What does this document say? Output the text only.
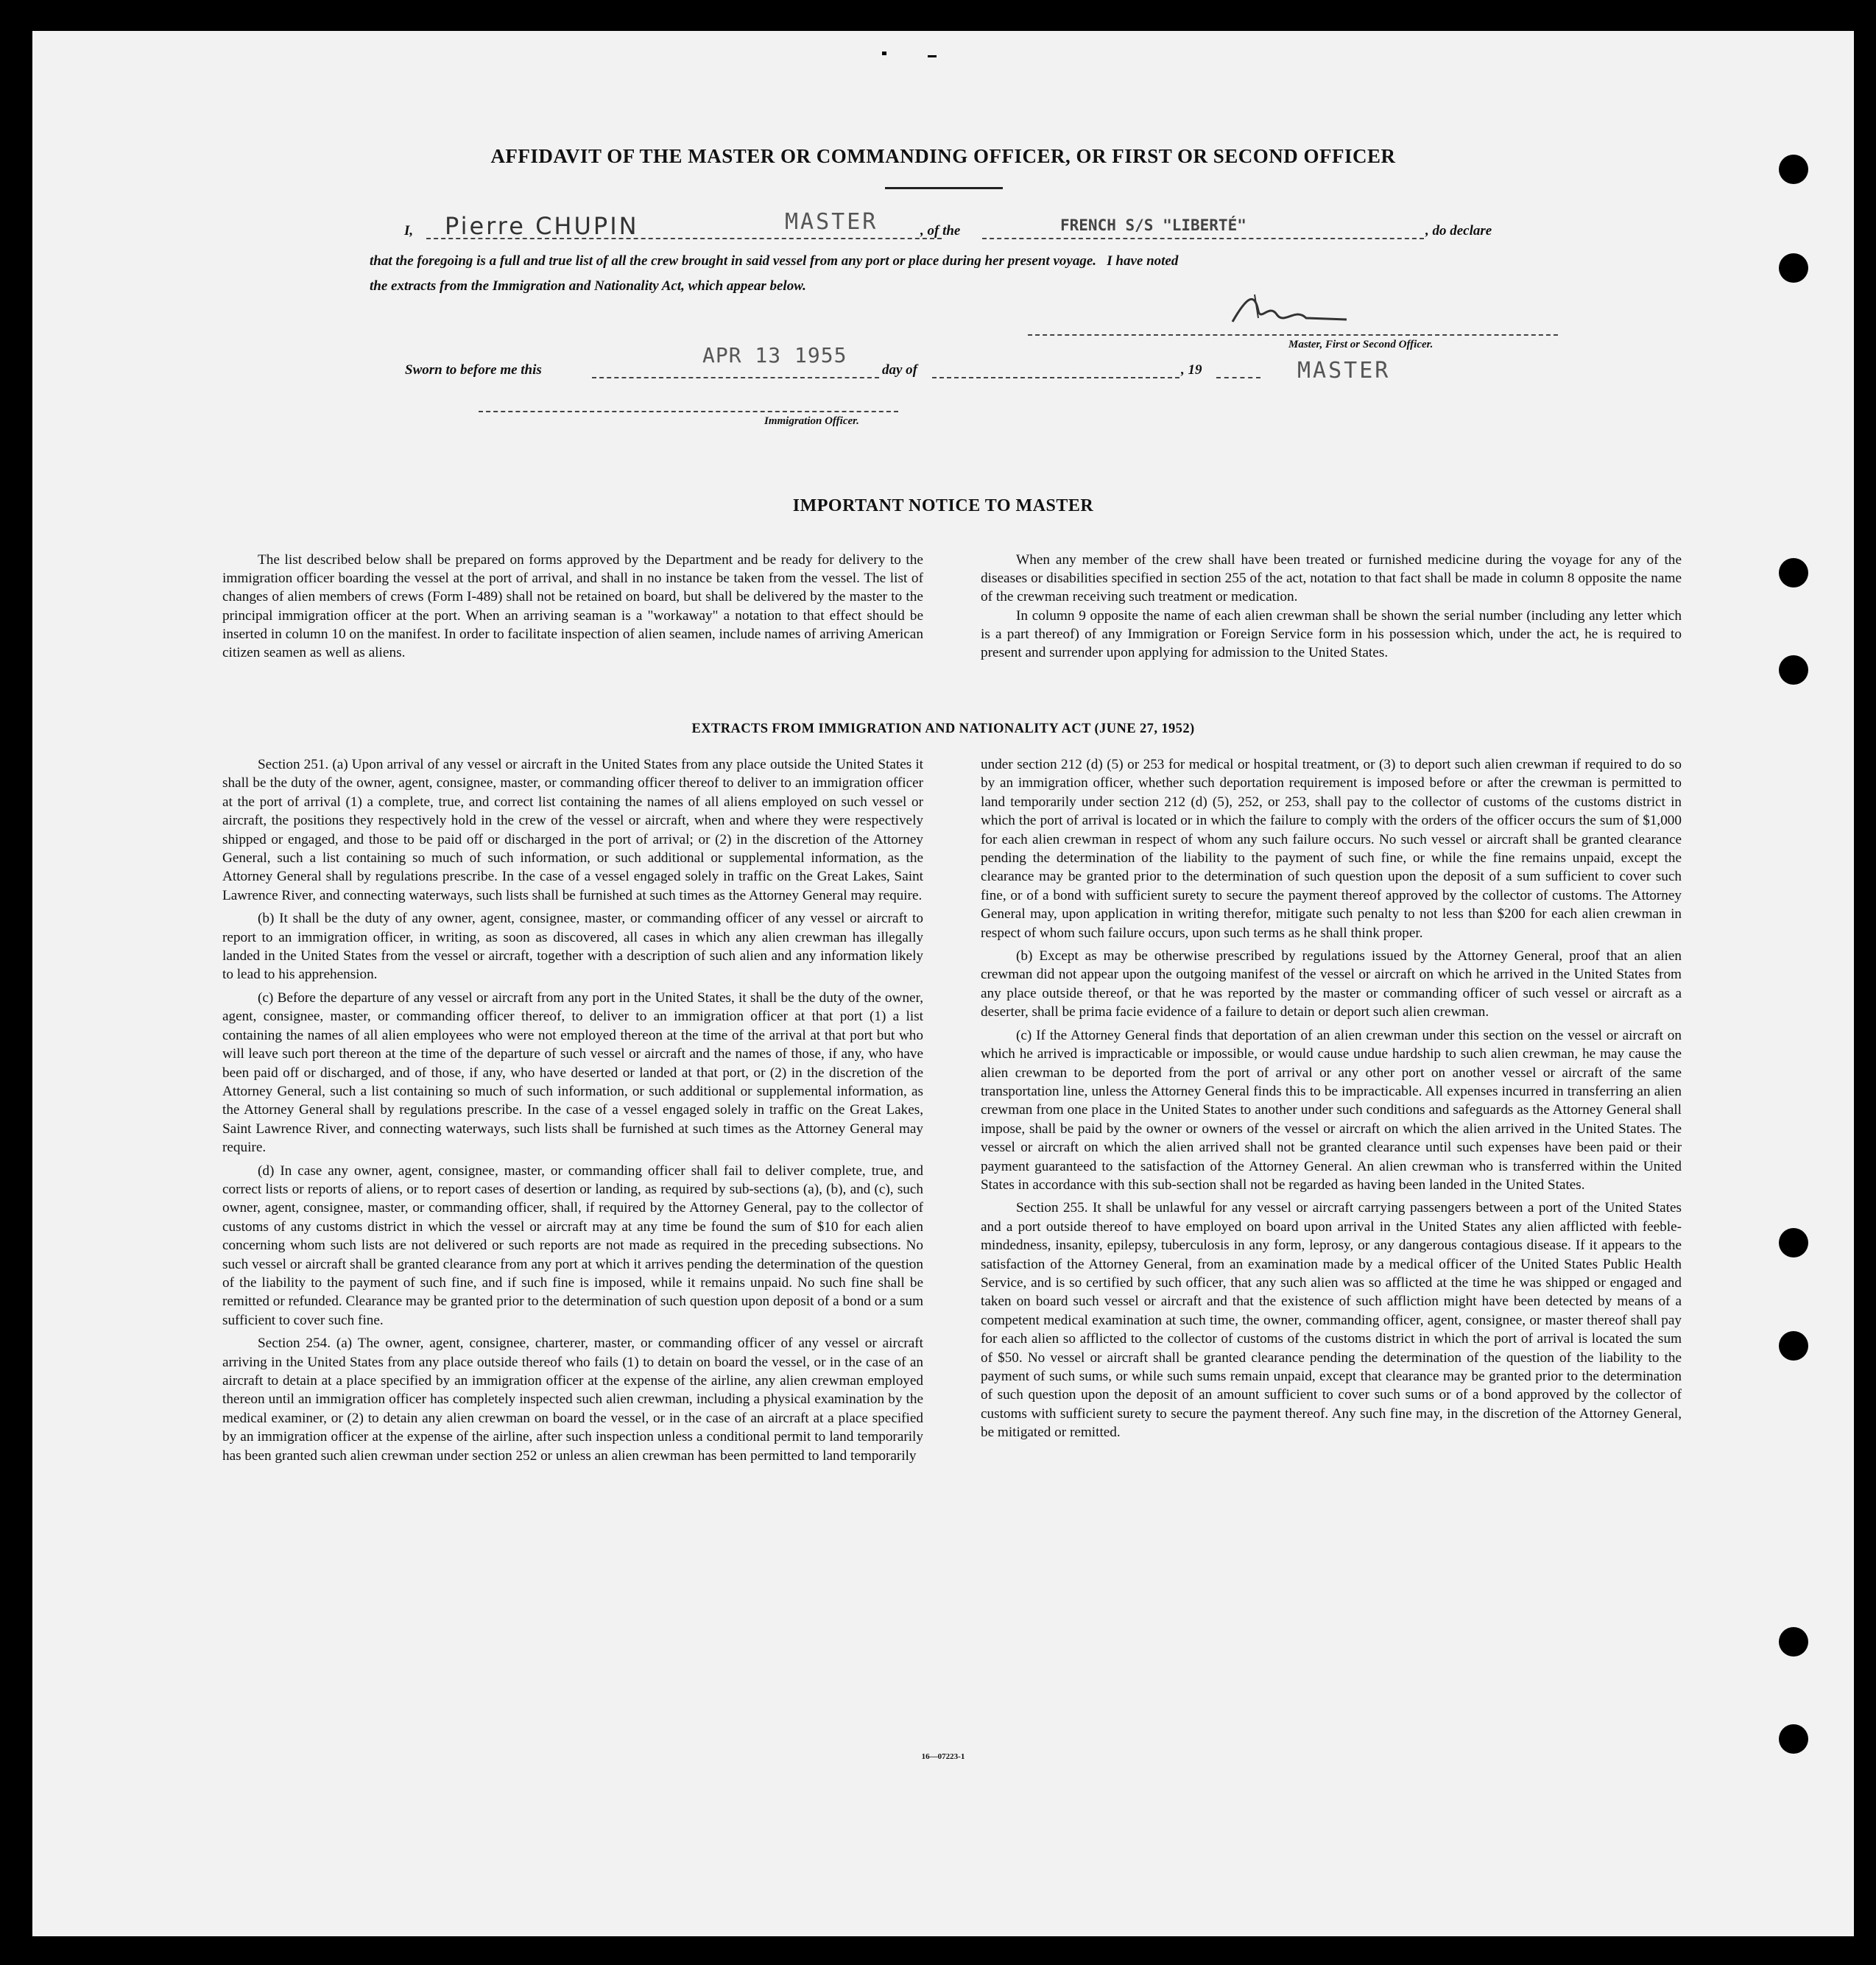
AFFIDAVIT OF THE MASTER OR COMMANDING OFFICER, OR FIRST OR SECOND OFFICER
I, Pierre CHUPIN	MASTER	, of the	FRENCH S/S "LIBERTÉ"	, do declare
that the foregoing is a full and true list of all the crew brought in said vessel from any port or place during her present voyage.   I have noted
the extracts from the Immigration and Nationality Act, which appear below.
Master, First or Second Officer.
Sworn to before me this
APR 13 1955
day of	, 19	MASTER
Immigration Officer.
IMPORTANT NOTICE TO MASTER

The list described below shall be prepared on forms approved by the Department and be ready for delivery to the immigration officer boarding the vessel at the port of arrival, and shall in no instance be taken from the vessel. The list of changes of alien members of crews (Form I-489) shall not be retained on board, but shall be delivered by the master to the principal immigration officer at the port. When an arriving seaman is a "workaway" a notation to that effect should be inserted in column 10 on the manifest. In order to facilitate inspection of alien seamen, include names of arriving American citizen seamen as well as aliens.

When any member of the crew shall have been treated or furnished medicine during the voyage for any of the diseases or disabilities specified in section 255 of the act, notation to that fact shall be made in column 8 opposite the name of the crewman receiving such treatment or medication.

In column 9 opposite the name of each alien crewman shall be shown the serial number (including any letter which is a part thereof) of any Immigration or Foreign Service form in his possession which, under the act, he is required to present and surrender upon applying for admission to the United States.

EXTRACTS FROM IMMIGRATION AND NATIONALITY ACT (JUNE 27, 1952)

Section 251. (a) Upon arrival of any vessel or aircraft in the United States from any place outside the United States it shall be the duty of the owner, agent, consignee, master, or commanding officer thereof to deliver to an immigration officer at the port of arrival (1) a complete, true, and correct list containing the names of all aliens employed on such vessel or aircraft, the positions they respectively hold in the crew of the vessel or aircraft, when and where they were respectively shipped or engaged, and those to be paid off or discharged in the port of arrival; or (2) in the discretion of the Attorney General, such a list containing so much of such information, or such additional or supplemental information, as the Attorney General shall by regulations prescribe. In the case of a vessel engaged solely in traffic on the Great Lakes, Saint Lawrence River, and connecting waterways, such lists shall be furnished at such times as the Attorney General may require.

(b) It shall be the duty of any owner, agent, consignee, master, or commanding officer of any vessel or aircraft to report to an immigration officer, in writing, as soon as discovered, all cases in which any alien crewman has illegally landed in the United States from the vessel or aircraft, together with a description of such alien and any information likely to lead to his apprehension.

(c) Before the departure of any vessel or aircraft from any port in the United States, it shall be the duty of the owner, agent, consignee, master, or commanding officer thereof, to deliver to an immigration officer at that port (1) a list containing the names of all alien employees who were not employed thereon at the time of the arrival at that port but who will leave such port thereon at the time of the departure of such vessel or aircraft and the names of those, if any, who have been paid off or discharged, and of those, if any, who have deserted or landed at that port, or (2) in the discretion of the Attorney General, such a list containing so much of such information, or such additional or supplemental information, as the Attorney General shall by regulations prescribe. In the case of a vessel engaged solely in traffic on the Great Lakes, Saint Lawrence River, and connecting waterways, such lists shall be furnished at such times as the Attorney General may require.

(d) In case any owner, agent, consignee, master, or commanding officer shall fail to deliver complete, true, and correct lists or reports of aliens, or to report cases of desertion or landing, as required by sub-sections (a), (b), and (c), such owner, agent, consignee, master, or commanding officer, shall, if required by the Attorney General, pay to the collector of customs of any customs district in which the vessel or aircraft may at any time be found the sum of $10 for each alien concerning whom such lists are not delivered or such reports are not made as required in the preceding subsections. No such vessel or aircraft shall be granted clearance from any port at which it arrives pending the determination of the question of the liability to the payment of such fine, and if such fine is imposed, while it remains unpaid. No such fine shall be remitted or refunded. Clearance may be granted prior to the determination of such question upon deposit of a bond or a sum sufficient to cover such fine.

Section 254. (a) The owner, agent, consignee, charterer, master, or commanding officer of any vessel or aircraft arriving in the United States from any place outside thereof who fails (1) to detain on board the vessel, or in the case of an aircraft to detain at a place specified by an immigration officer at the expense of the airline, any alien crewman employed thereon until an immigration officer has completely inspected such alien crewman, including a physical examination by the medical examiner, or (2) to detain any alien crewman on board the vessel, or in the case of an aircraft at a place specified by an immigration officer at the expense of the airline, after such inspection unless a conditional permit to land temporarily has been granted such alien crewman under section 252 or unless an alien crewman has been permitted to land temporarily

under section 212 (d) (5) or 253 for medical or hospital treatment, or (3) to deport such alien crewman if required to do so by an immigration officer, whether such deportation requirement is imposed before or after the crewman is permitted to land temporarily under section 212 (d) (5), 252, or 253, shall pay to the collector of customs of the customs district in which the port of arrival is located or in which the failure to comply with the orders of the officer occurs the sum of $1,000 for each alien crewman in respect of whom any such failure occurs. No such vessel or aircraft shall be granted clearance pending the determination of the liability to the payment of such fine, or while the fine remains unpaid, except the clearance may be granted prior to the determination of such question upon the deposit of a sum sufficient to cover such fine, or of a bond with sufficient surety to secure the payment thereof approved by the collector of customs. The Attorney General may, upon application in writing therefor, mitigate such penalty to not less than $200 for each alien crewman in respect of whom such failure occurs, upon such terms as he shall think proper.

(b) Except as may be otherwise prescribed by regulations issued by the Attorney General, proof that an alien crewman did not appear upon the outgoing manifest of the vessel or aircraft on which he arrived in the United States from any place outside thereof, or that he was reported by the master or commanding officer of such vessel or aircraft as a deserter, shall be prima facie evidence of a failure to detain or deport such alien crewman.

(c) If the Attorney General finds that deportation of an alien crewman under this section on the vessel or aircraft on which he arrived is impracticable or impossible, or would cause undue hardship to such alien crewman, he may cause the alien crewman to be deported from the port of arrival or any other port on another vessel or aircraft of the same transportation line, unless the Attorney General finds this to be impracticable. All expenses incurred in transferring an alien crewman from one place in the United States to another under such conditions and safeguards as the Attorney General shall impose, shall be paid by the owner or owners of the vessel or aircraft on which the alien arrived in the United States. The vessel or aircraft on which the alien arrived shall not be granted clearance until such expenses have been paid or their payment guaranteed to the satisfaction of the Attorney General. An alien crewman who is transferred within the United States in accordance with this sub-section shall not be regarded as having been landed in the United States.

Section 255. It shall be unlawful for any vessel or aircraft carrying passengers between a port of the United States and a port outside thereof to have employed on board upon arrival in the United States any alien afflicted with feeble-mindedness, insanity, epilepsy, tuberculosis in any form, leprosy, or any dangerous contagious disease. If it appears to the satisfaction of the Attorney General, from an examination made by a medical officer of the United States Public Health Service, and is so certified by such officer, that any such alien was so afflicted at the time he was shipped or engaged and taken on board such vessel or aircraft and that the existence of such affliction might have been detected by means of a competent medical examination at such time, the owner, commanding officer, agent, consignee, or master thereof shall pay for each alien so afflicted to the collector of customs of the customs district in which the port of arrival is located the sum of $50. No vessel or aircraft shall be granted clearance pending the determination of the question of the liability to the payment of such sums, or while such sums remain unpaid, except that clearance may be granted prior to the determination of such question upon the deposit of an amount sufficient to cover such sums or of a bond approved by the collector of customs with sufficient surety to secure the payment thereof. Any such fine may, in the discretion of the Attorney General, be mitigated or remitted.

16—07223-1
